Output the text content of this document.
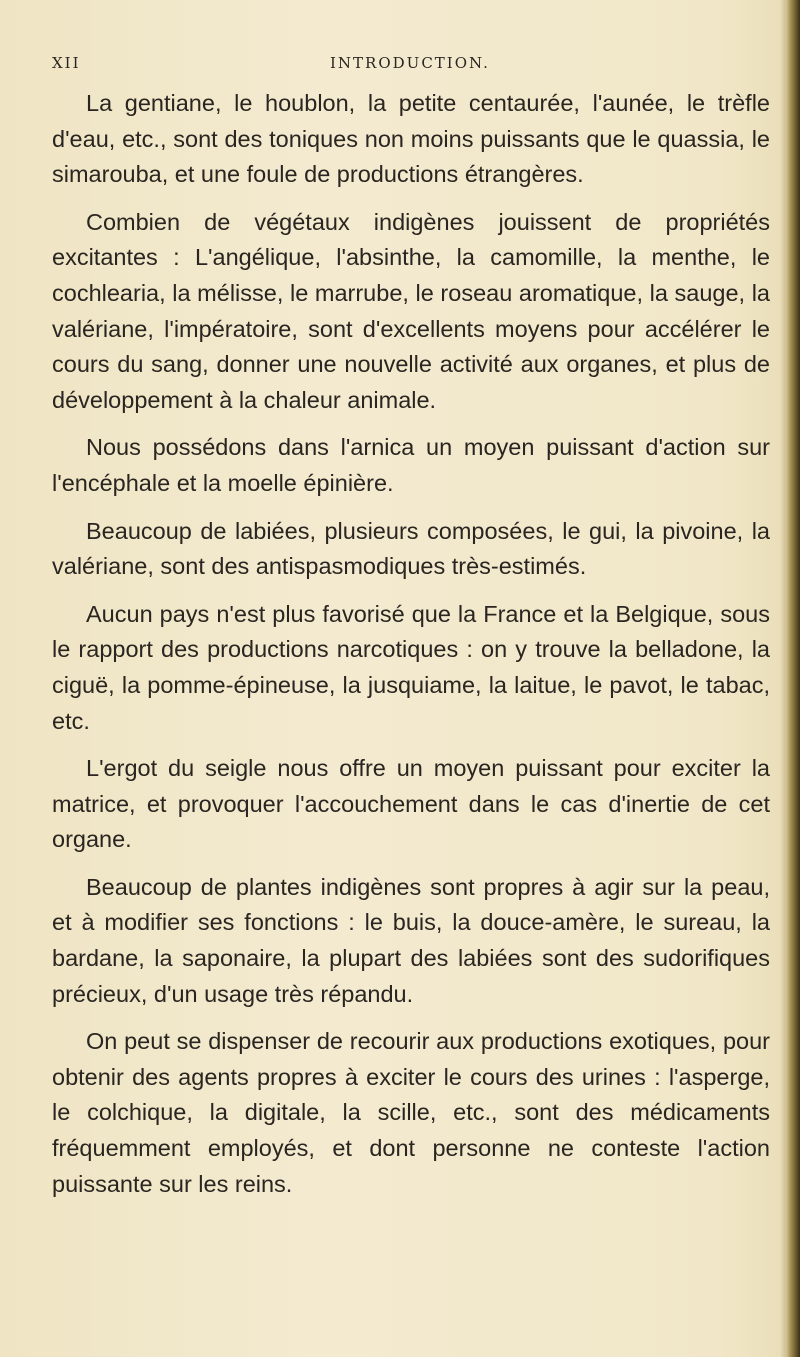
XII	INTRODUCTION.

La gentiane, le houblon, la petite centaurée, l'aunée, le trèfle d'eau, etc., sont des toniques non moins puissants que le quassia, le simarouba, et une foule de productions étrangères.

Combien de végétaux indigènes jouissent de propriétés excitantes : L'angélique, l'absinthe, la camomille, la menthe, le cochlearia, la mélisse, le marrube, le roseau aromatique, la sauge, la valériane, l'impératoire, sont d'excellents moyens pour accélérer le cours du sang, donner une nouvelle activité aux organes, et plus de développement à la chaleur animale.

Nous possédons dans l'arnica un moyen puissant d'action sur l'encéphale et la moelle épinière.

Beaucoup de labiées, plusieurs composées, le gui, la pivoine, la valériane, sont des antispasmodiques très-estimés.

Aucun pays n'est plus favorisé que la France et la Belgique, sous le rapport des productions narcotiques : on y trouve la belladone, la ciguë, la pomme-épineuse, la jusquiame, la laitue, le pavot, le tabac, etc.

L'ergot du seigle nous offre un moyen puissant pour exciter la matrice, et provoquer l'accouchement dans le cas d'inertie de cet organe.

Beaucoup de plantes indigènes sont propres à agir sur la peau, et à modifier ses fonctions : le buis, la douce-amère, le sureau, la bardane, la saponaire, la plupart des labiées sont des sudorifiques précieux, d'un usage très répandu.

On peut se dispenser de recourir aux productions exotiques, pour obtenir des agents propres à exciter le cours des urines : l'asperge, le colchique, la digitale, la scille, etc., sont des médicaments fréquemment employés, et dont personne ne conteste l'action puissante sur les reins.
